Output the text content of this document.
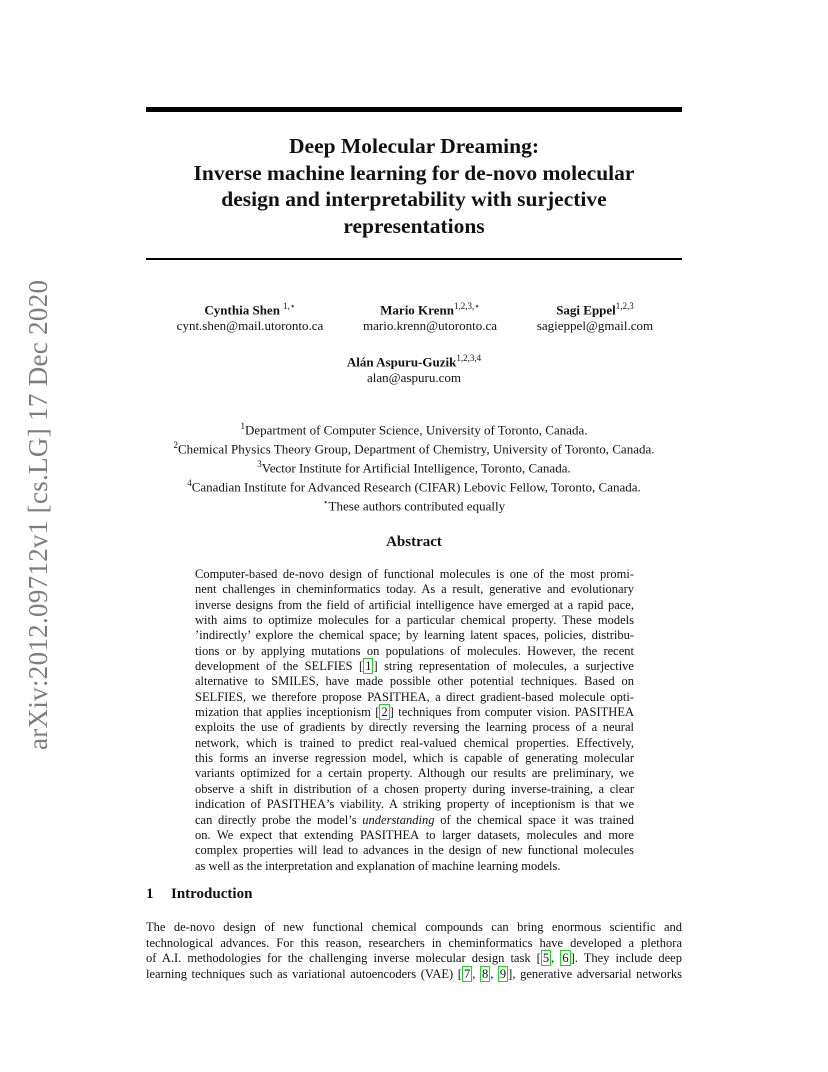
arXiv:2012.09712v1 [cs.LG] 17 Dec 2020
Deep Molecular Dreaming:
Inverse machine learning for de-novo molecular
design and interpretability with surjective
representations
Cynthia Shen $^{1,⋆}$
cynt.shen@mail.utoronto.ca
Mario Krenn$^{1,2,3,⋆}$
mario.krenn@utoronto.ca
Sagi Eppel$^{1,2,3}$
sagieppel@gmail.com
Alán Aspuru-Guzik$^{1,2,3,4}$
alan@aspuru.com
$^1$Department of Computer Science, University of Toronto, Canada.
$^2$Chemical Physics Theory Group, Department of Chemistry, University of Toronto, Canada.
$^3$Vector Institute for Artificial Intelligence, Toronto, Canada.
$^4$Canadian Institute for Advanced Research (CIFAR) Lebovic Fellow, Toronto, Canada.
⋆These authors contributed equally
Abstract
Computer-based de-novo design of functional molecules is one of the most promi-
nent challenges in cheminformatics today. As a result, generative and evolutionary
inverse designs from the field of artificial intelligence have emerged at a rapid pace,
with aims to optimize molecules for a particular chemical property. These models
’indirectly’ explore the chemical space; by learning latent spaces, policies, distribu-
tions or by applying mutations on populations of molecules. However, the recent
development of the SELFIES [ 1 ] string representation of molecules, a surjective
alternative to SMILES, have made possible other potential techniques. Based on
SELFIES, we therefore propose PASITHEA, a direct gradient-based molecule opti-
mization that applies inceptionism [ 2 ] techniques from computer vision. PASITHEA
exploits the use of gradients by directly reversing the learning process of a neural
network, which is trained to predict real-valued chemical properties. Effectively,
this forms an inverse regression model, which is capable of generating molecular
variants optimized for a certain property. Although our results are preliminary, we
observe a shift in distribution of a chosen property during inverse-training, a clear
indication of PASITHEA’s viability. A striking property of inceptionism is that we
can directly probe the model’s understanding of the chemical space it was trained
on. We expect that extending PASITHEA to larger datasets, molecules and more
complex properties will lead to advances in the design of new functional molecules
as well as the interpretation and explanation of machine learning models.
1 Introduction
The de-novo design of new functional chemical compounds can bring enormous scientific and
technological advances. For this reason, researchers in cheminformatics have developed a plethora
of A.I. methodologies for the challenging inverse molecular design task [ 5 , 6 ]. They include deep
learning techniques such as variational autoencoders (VAE) [ 7 , 8 , 9 ], generative adversarial networks
